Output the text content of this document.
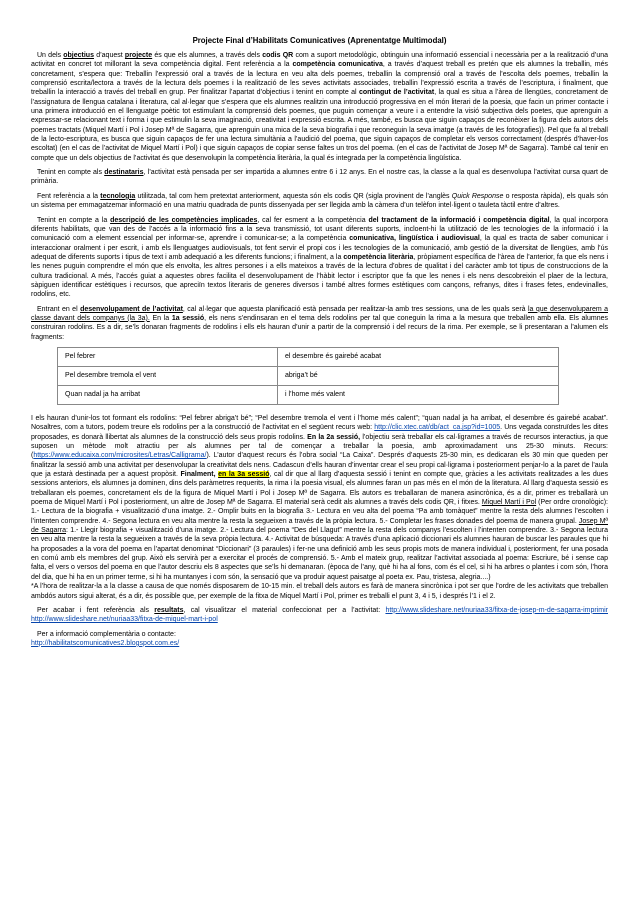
Projecte Final d’Habilitats Comunicatives (Aprenentatge Multimodal)

Un dels objectius d’aquest projecte és que els alumnes, a través dels codis QR com a suport metodològic, obtinguin una informació essencial i necessària per a la realització d’una activitat en concret tot millorant la seva competència digital. Fent referència a la competència comunicativa, a través d’aquest treball es pretén que els alumnes la treballin, més concretament, s’espera que: Treballin l’expressió oral a través de la lectura en veu alta dels poemes, treballin la comprensió oral a través de l’escolta dels poemes, treballin la comprensió escrita/lectora a través de la lectura dels poemes i la realització de les seves activitats associades, treballin l’expressió escrita a través de l’escriptura, i finalment, que treballin la interacció a través del treball en grup. Per finalitzar l’apartat d’objectius i tenint en compte al contingut de l’activitat, la qual es situa a l’àrea de llengües, concretament de l’assignatura de llengua catalana i literatura, cal al·legar que s’espera que els alumnes realitzin una introducció progressiva en el món literari de la poesia, que facin un primer contacte i una primera introducció en el llenguatge poètic tot estimulant la comprensió dels poemes, que puguin començar a veure i a entendre la visió subjectiva dels poetes, que aprenguin a expressar-se relacionant text i forma i que estimulin la seva imaginació, creativitat i expressió escrita. A més, també, es busca que siguin capaços de reconèixer la figura dels autors dels poemes tractats (Miquel Martí i Pol i Josep Mª de Sagarra, que aprenguin una mica de la seva biografia i que reconeguin la seva imatge (a través de les fotografies)). Pel que fa al treball de la lecto-escriptura, es busca que siguin capaços de fer una lectura simultània a l’audició del poema, que siguin capaços de completar els versos correctament (després d’haver-los escoltat) (en el cas de l’activitat de Miquel Martí i Pol) i que siguin capaços de copiar sense faltes un tros del poema. (en el cas de l’activitat de Josep Mª de Sagarra). També cal tenir en compte que un dels objectius de l’activitat és que desenvolupin la competència literària, la qual és integrada per la competència lingüística.

Tenint en compte als destinataris, l’activitat està pensada per ser impartida a alumnes entre 6 i 12 anys. En el nostre cas, la classe a la qual es desenvolupa l’activitat cursa quart de primària.

Fent referència a la tecnologia utilitzada, tal com hem pretextat anteriorment, aquesta són els codis QR (sigla provinent de l’anglès Quick Response o resposta ràpida), els quals són un sistema per emmagatzemar informació en una matriu quadrada de punts dissenyada per ser llegida amb la càmera d’un telèfon intel·ligent o tauleta tàctil entre d’altres.

Tenint en compte a la descripció de les competències implicades, cal fer esment a la competència del tractament de la informació i competència digital, la qual incorpora diferents habilitats, que van des de l’accés a la informació fins a la seva transmissió, tot usant diferents suports, incloent-hi la utilització de les tecnologies de la informació i la comunicació com a element essencial per informar-se, aprendre i comunicar-se; a la competència comunicativa, lingüística i audiovisual, la qual es tracta de saber comunicar i interaccionar oralment i per escrit, i amb els llenguatges audiovisuals, tot fent servir el propi cos i les tecnologies de la comunicació, amb gestió de la diversitat de llengües, amb l’ús adequat de diferents suports i tipus de text i amb adequació a les diferents funcions; i finalment, a la competència literària, pròpiament específica de l’àrea de l’anterior, fa que els nens i les nenes puguin comprendre el món que els envolta, les altres persones i a ells mateixos a través de la lectura d’obres de qualitat i del caràcter amb tot tipus de construccions de la cultura tradicional. A més, l’accés guiat a aquestes obres facilita el desenvolupament de l’hàbit lector i escriptor que fa que les nenes i els nens descobreixin el plaer de la lectura, sàpiguen identificar estètiques i recursos, que apreciïn textos literaris de generes diversos i també altres formes estètiques com cançons, refranys, dites i frases fetes, endevinalles, rodolins, etc.

Entrant en el desenvolupament de l’activitat, cal al·legar que aquesta planificació està pensada per realitzar-la amb tres sessions, una de les quals serà la que desenvoluparem a classe davant dels companys (la 3a). En la 1a sessió, els nens s’endinsaran en el tema dels rodolins per tal que coneguin la rima a la mesura que treballen amb ella. Els alumnes construiran rodolins. Es a dir, se’ls donaran fragments de rodolins i ells els hauran d’unir a partir de la comprensió i del recurs de la rima. Per exemple, se li presentaran a l’alumen els fragments:

Pel febrer	el desembre és gairebé acabat
Pel desembre tremola el vent	abriga’t bé
Quan nadal ja ha arribat	i l’home més valent

I els hauran d’unir-los tot formant els rodolins: “Pel febrer abriga’t bé”; “Pel desembre tremola el vent i l’home més calent”; “quan nadal ja ha arribat, el desembre és gairebé acabat”. Nosaltres, com a tutors, podem treure els rodolins per a la construcció de l’activitat en el següent recurs web: http://clic.xtec.cat/db/act_ca.jsp?id=1005. Uns vegada construïdes les dites proposades, es donarà llibertat als alumnes de la construcció dels seus propis rodolins. En la 2a sessió, l’objectiu serà treballar els cal·ligrames a través de recursos interactius, ja que suposen un mètode molt atractiu per als alumnes per tal de començar a treballar la poesia, amb aproximadament uns 25-30 minuts. Recurs: (https://www.educaixa.com/microsites/Letras/Calligrama/). L’autor d’aquest recurs és l’obra social “La Caixa”. Després d’aquests 25-30 min, es dedicaran els 30 min que queden per finalitzar la sessió amb una activitat per desenvolupar la creativitat dels nens. Cadascun d’ells hauran d’inventar crear el seu propi cal·ligrama i posteriorment penjar-lo a la paret de l’aula que ja estarà destinada per a aquest propòsit. Finalment, en la 3a sessió, cal dir que al llarg d’aquesta sessió i tenint en compte que, gràcies a les activitats realitzades a les dues sessions anteriors, els alumnes ja dominen, dins dels paràmetres requerits, la rima i la poesia visual, els alumnes faran un pas més en el món de la literatura. Al llarg d’aquesta sessió es treballaran els poemes, concretament els de la figura de Miquel Martí i Pol i Josep Mª de Sagarra. Els autors es treballaran de manera asincrònica, és a dir, primer es treballarà un poema de Miquel Martí i Pol i posteriorment, un altre de Josep Mª de Sagarra. El material serà cedit als alumnes a través dels codis QR, i fitxes. Miquel Martí i Pol (Per ordre cronològic): 1.- Lectura de la biografia + visualització d’una imatge. 2.- Omplir buits en la biografia 3.- Lectura en veu alta del poema “Pa amb tomàquet” mentre la resta dels alumnes l’escolten i l’intenten comprendre. 4.- Segona lectura en veu alta mentre la resta la segueixen a través de la pròpia lectura. 5.- Completar les frases donades del poema de manera grupal. Josep Mª de Sagarra: 1.- Llegir biografia + visualització d’una imatge. 2.- Lectura del poema “Des del Llagut” mentre la resta dels companys l’escolten i l’intenten comprendre. 3.- Segona lectura en veu alta mentre la resta la segueixen a través de la seva pròpia lectura. 4.- Activitat de búsqueda: A través d’una aplicació diccionari els alumnes hauran de buscar les paraules que hi ha proposades a la vora del poema en l’apartat denominat “Diccionari” (3 paraules) i fer-ne una definició amb les seus propis mots de manera individual i, posteriorment, fer una posada en comú amb els membres del grup. Això els servirà per a exercitar el procés de comprensió. 5.- Amb el mateix grup, realitzar l’activitat associada al poema: Escriure, bé i sense cap falta, el vers o versos del poema en que l’autor descriu els 8 aspectes que se’ls hi demanaran. (època de l’any, què hi ha al fons, com és el cel, si hi ha arbres o plantes i com són, l’hora del dia, que hi ha en un primer terme, si hi ha muntanyes i com són, la sensació que va produir aquest paisatge al poeta ex. Pau, tristesa, alegria....)

*A l’hora de realitzar-la a la classe a causa de que només disposarem de 10-15 min. el treball dels autors es farà de manera sincrònica i pot ser que l’ordre de les activitats que treballen ambdós autors sigui alterat, és a dir, és possible que, per exemple de la fitxa de Miquel Martí i Pol, primer es treballi el punt 3, 4 i 5, i després l’1 i el 2.

Per acabar i fent referència als resultats, cal visualitzar el material confeccionat per a l’activitat: http://www.slideshare.net/nuriaa33/fitxa-de-josep-m-de-sagarra-imprimir http://www.slideshare.net/nuriaa33/fitxa-de-miquel-mart-i-pol

Per a informació complementària o contacte:
http://habilitatscomunicatives2.blogspot.com.es/
